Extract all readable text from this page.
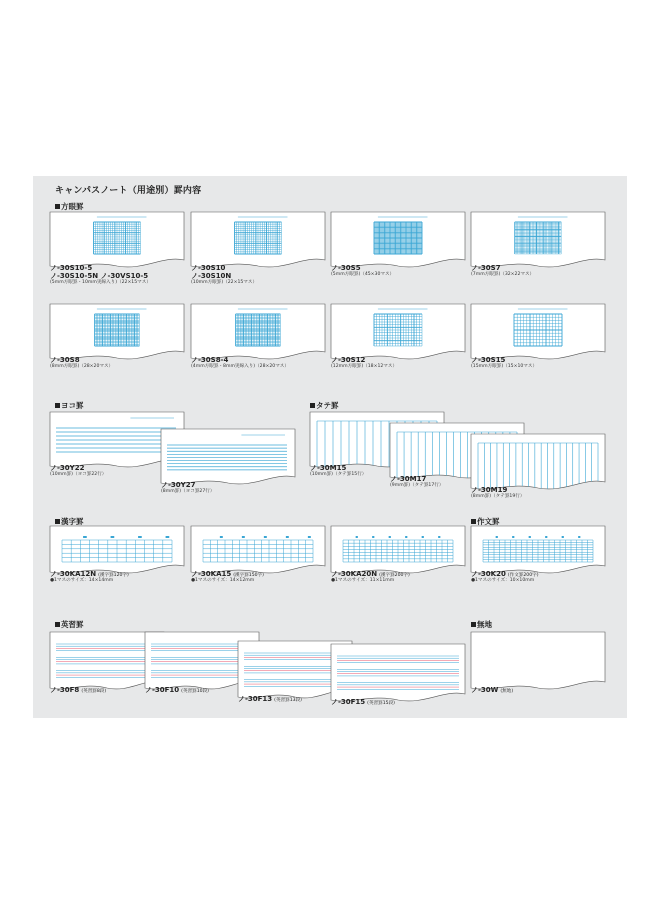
キャンパスノート（用途別）罫内容
方眼罫
ヨコ罫	タテ罫
漢字罫	作文罫
英習罫	無地
ノ-30S10-5
ノ-30S10-5N ノ-30VS10-5
(5mm方眼罫・10mm実線入り)（22×15マス）
ノ-30S10
ノ-30S10N
(10mm方眼罫)（22×15マス）
ノ-30S5
(5mm方眼罫)（45×30マス）
ノ-30S7
(7mm方眼罫)（32×22マス）
ノ-30S8
(8mm方眼罫)（28×20マス）
ノ-30S8-4
(4mm方眼罫・8mm実線入り)（28×20マス）
ノ-30S12
(12mm方眼罫)（18×12マス）
ノ-30S15
(15mm方眼罫)（15×10マス）
ノ-30Y22
(10mm罫)（ヨコ罫22行）
ノ-30Y27
(8mm罫)（ヨコ罫27行）
ノ-30M15
(10mm罫)（タテ罫15行）
ノ-30M17
(9mm罫)（タテ罫17行）
ノ-30M19
(8mm罫)（タテ罫19行）
ノ-30KA12N (漢字罫120字)
●1マスのサイズ：14×14mm
ノ-30KA15 (漢字罫150字)
●1マスのサイズ：14×12mm
ノ-30KA20N (漢字罫200字)
●1マスのサイズ：11×11mm
ノ-30K20 (作文罫200字)
●1マスのサイズ：10×10mm
ノ-30F8 (英習罫8段)	ノ-30F10 (英習罫10段)
ノ-30F13 (英習罫13段)	ノ-30F15 (英習罫15段)
ノ-30W (無地)
